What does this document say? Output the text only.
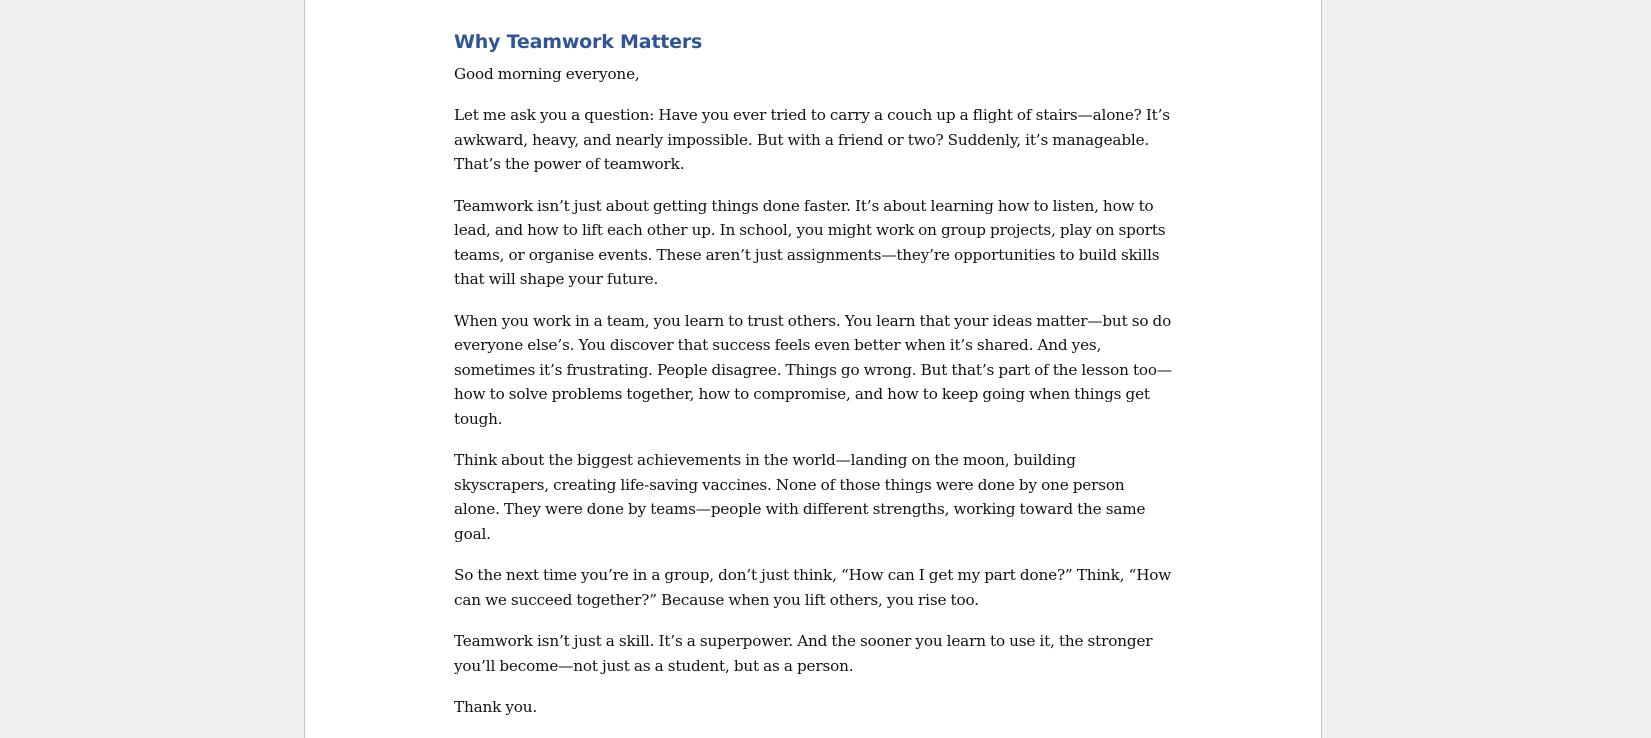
Why Teamwork Matters

Good morning everyone,

Let me ask you a question: Have you ever tried to carry a couch up a flight of stairs—alone? It’s awkward, heavy, and nearly impossible. But with a friend or two? Suddenly, it’s manageable. That’s the power of teamwork.

Teamwork isn’t just about getting things done faster. It’s about learning how to listen, how to lead, and how to lift each other up. In school, you might work on group projects, play on sports teams, or organise events. These aren’t just assignments—they’re opportunities to build skills that will shape your future.

When you work in a team, you learn to trust others. You learn that your ideas matter—but so do everyone else’s. You discover that success feels even better when it’s shared. And yes, sometimes it’s frustrating. People disagree. Things go wrong. But that’s part of the lesson too—how to solve problems together, how to compromise, and how to keep going when things get tough.

Think about the biggest achievements in the world—landing on the moon, building skyscrapers, creating life-saving vaccines. None of those things were done by one person alone. They were done by teams—people with different strengths, working toward the same goal.

So the next time you’re in a group, don’t just think, “How can I get my part done?” Think, “How can we succeed together?” Because when you lift others, you rise too.

Teamwork isn’t just a skill. It’s a superpower. And the sooner you learn to use it, the stronger you’ll become—not just as a student, but as a person.

Thank you.
